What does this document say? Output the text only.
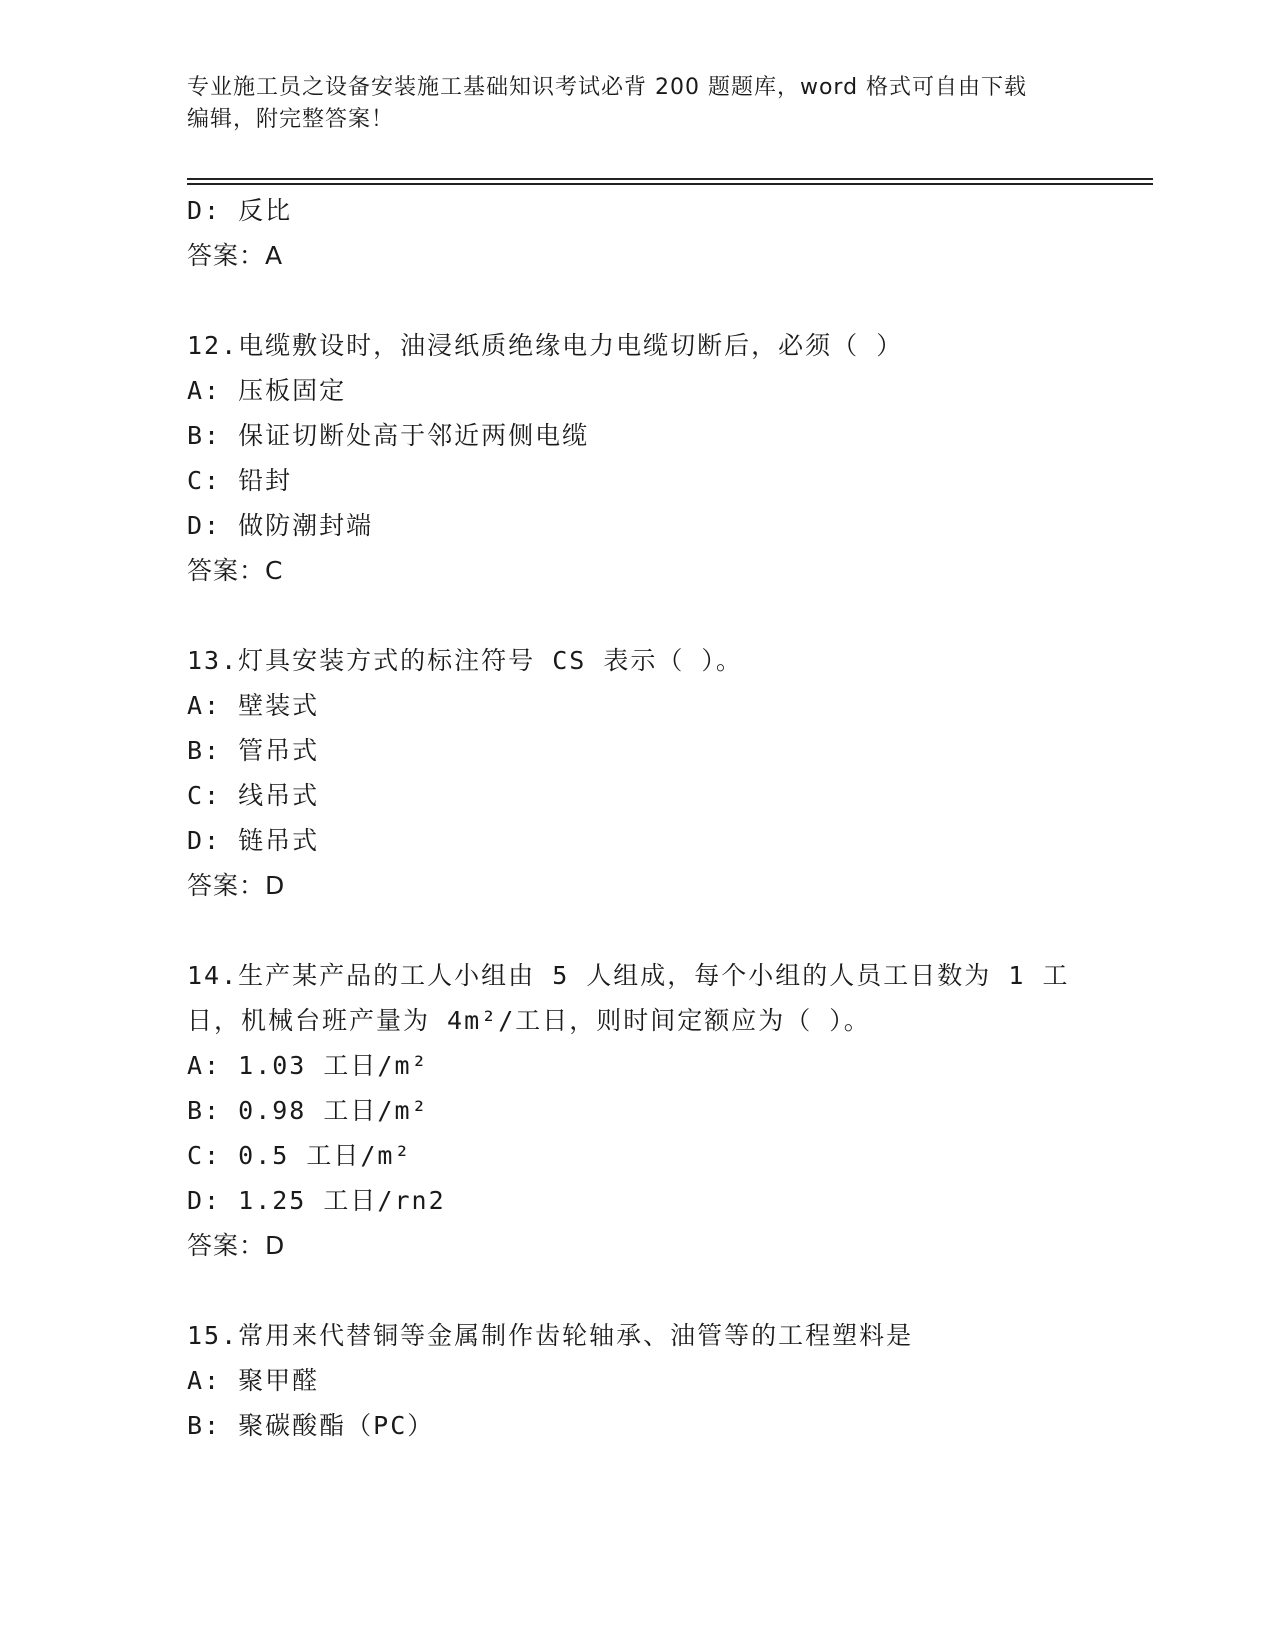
专业施工员之设备安装施工基础知识考试必背 200 题题库，word 格式可自由下载
编辑，附完整答案！
D: 反比
答案：A
12.电缆敷设时，油浸纸质绝缘电力电缆切断后，必须（ ）
A: 压板固定
B: 保证切断处高于邻近两侧电缆
C: 铅封
D: 做防潮封端
答案：C
13.灯具安装方式的标注符号 CS 表示（ ）。
A: 壁装式
B: 管吊式
C: 线吊式
D: 链吊式
答案：D
14.生产某产品的工人小组由 5 人组成，每个小组的人员工日数为 1 工
日，机械台班产量为 4m²/工日，则时间定额应为（ ）。
A: 1.03 工日/m²
B: 0.98 工日/m²
C: 0.5 工日/m²
D: 1.25 工日/rn2
答案：D
15.常用来代替铜等金属制作齿轮轴承、油管等的工程塑料是
A: 聚甲醛
B: 聚碳酸酯（PC）
